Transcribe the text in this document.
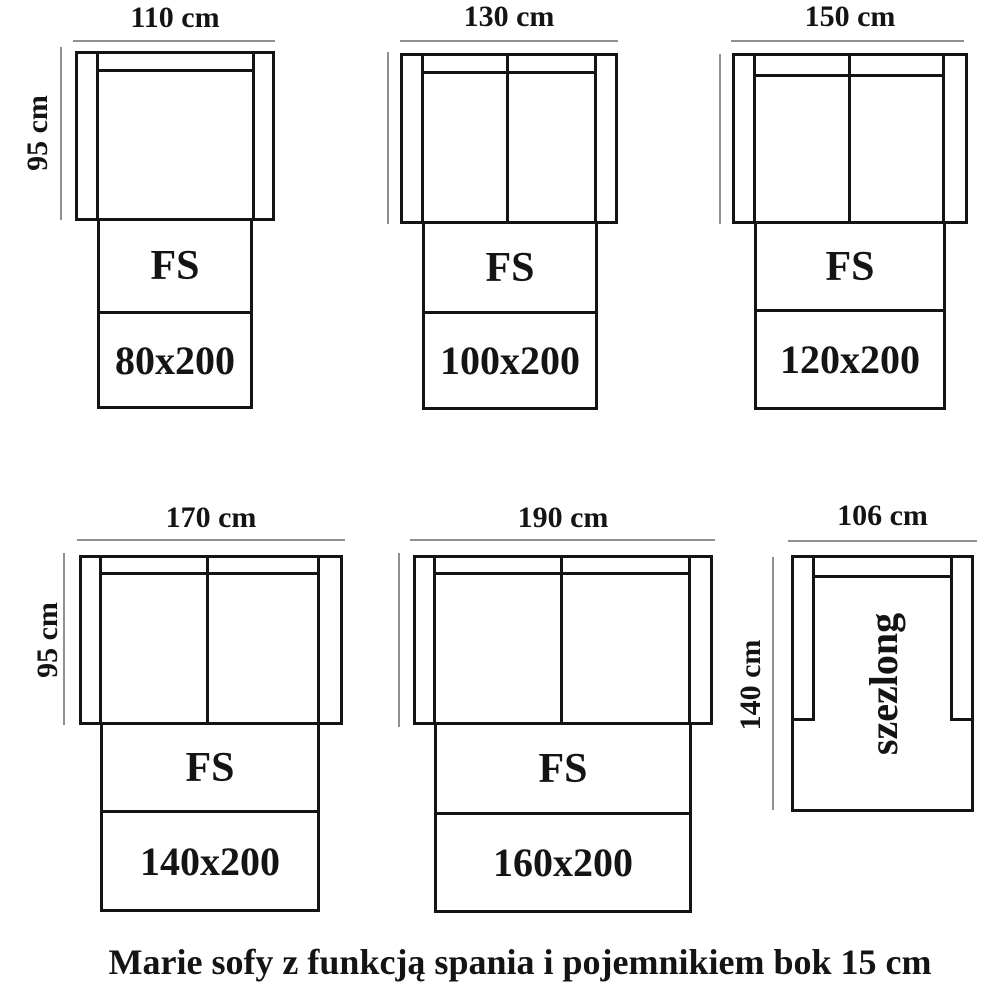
110 cm
95 cm
FS
80x200
130 cm
FS
100x200
150 cm
FS
120x200
170 cm
95 cm
FS
140x200
190 cm
FS
160x200
106 cm
140 cm szezlong
Marie sofy z funkcją spania i pojemnikiem bok 15 cm
